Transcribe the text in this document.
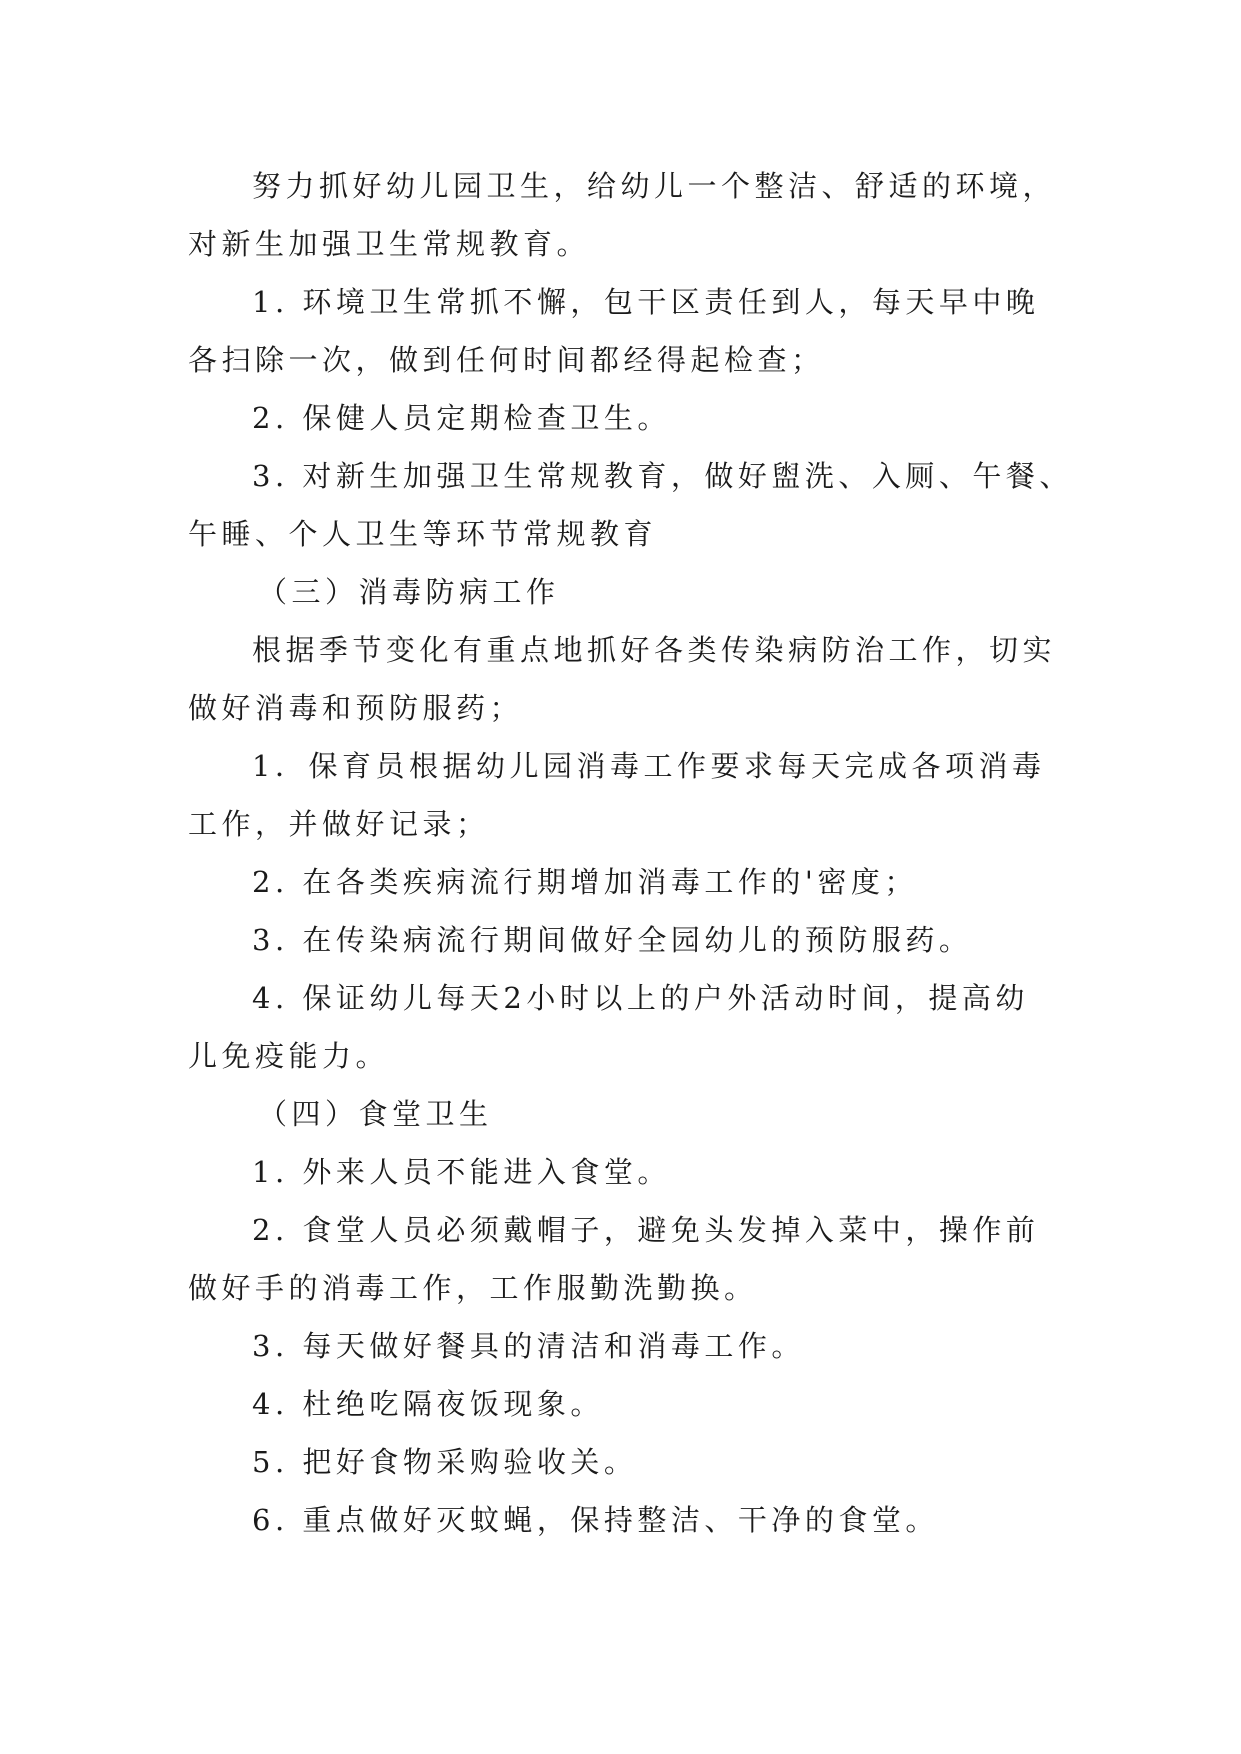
努力抓好幼儿园卫生，给幼儿一个整洁、舒适的环境，
对新生加强卫生常规教育。
1. 环境卫生常抓不懈，包干区责任到人，每天早中晚
各扫除一次，做到任何时间都经得起检查；
2. 保健人员定期检查卫生。
3. 对新生加强卫生常规教育，做好盥洗、入厕、午餐、
午睡、个人卫生等环节常规教育
（三）消毒防病工作
根据季节变化有重点地抓好各类传染病防治工作，切实
做好消毒和预防服药；
1．保育员根据幼儿园消毒工作要求每天完成各项消毒
工作，并做好记录；
2. 在各类疾病流行期增加消毒工作的'密度；
3. 在传染病流行期间做好全园幼儿的预防服药。
4. 保证幼儿每天2小时以上的户外活动时间，提高幼
儿免疫能力。
（四）食堂卫生
1. 外来人员不能进入食堂。
2. 食堂人员必须戴帽子，避免头发掉入菜中，操作前
做好手的消毒工作，工作服勤洗勤换。
3. 每天做好餐具的清洁和消毒工作。
4. 杜绝吃隔夜饭现象。
5. 把好食物采购验收关。
6. 重点做好灭蚊蝇，保持整洁、干净的食堂。
